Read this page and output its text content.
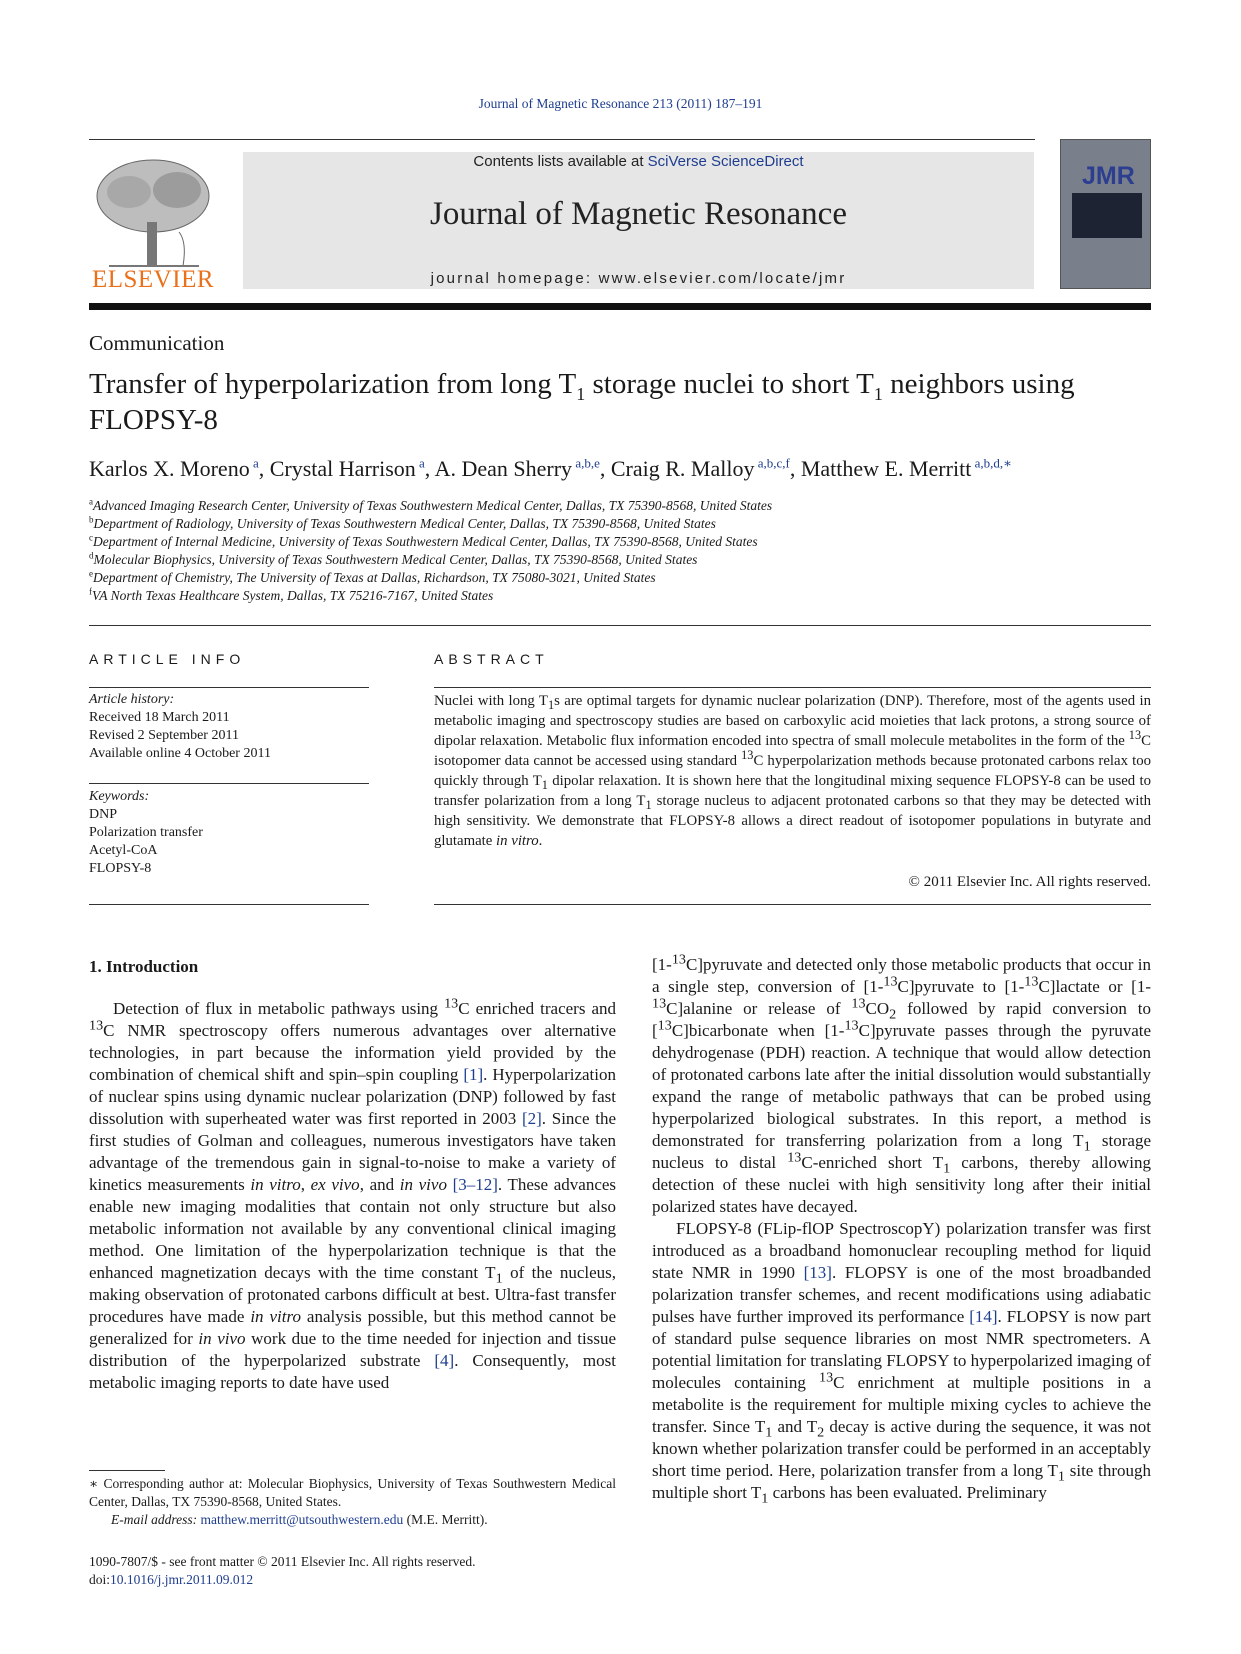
Journal of Magnetic Resonance 213 (2011) 187–191
ELSEVIER
Contents lists available at SciVerse ScienceDirect
Journal of Magnetic Resonance
journal homepage: www.elsevier.com/locate/jmr
JMR
Communication
Transfer of hyperpolarization from long $T_1$ storage nuclei to short $T_1$ neighbors using FLOPSY-8
Karlos X. Moreno $^a$, Crystal Harrison $^a$, A. Dean Sherry $^{a,b,e}$, Craig R. Malloy $^{a,b,c,f}$, Matthew E. Merritt $^{a,b,d,∗}$
$^a$Advanced Imaging Research Center, University of Texas Southwestern Medical Center, Dallas, TX 75390-8568, United States
$^b$Department of Radiology, University of Texas Southwestern Medical Center, Dallas, TX 75390-8568, United States
$^c$Department of Internal Medicine, University of Texas Southwestern Medical Center, Dallas, TX 75390-8568, United States
$^d$Molecular Biophysics, University of Texas Southwestern Medical Center, Dallas, TX 75390-8568, United States
$^e$Department of Chemistry, The University of Texas at Dallas, Richardson, TX 75080-3021, United States
$^f$VA North Texas Healthcare System, Dallas, TX 75216-7167, United States
ARTICLE INFO
Article history:
Received 18 March 2011
Revised 2 September 2011
Available online 4 October 2011
Keywords:
DNP
Polarization transfer
Acetyl-CoA
FLOPSY-8
ABSTRACT
Nuclei with long $T_1s$ are optimal targets for dynamic nuclear polarization (DNP). Therefore, most of the agents used in metabolic imaging and spectroscopy studies are based on carboxylic acid moieties that lack protons, a strong source of dipolar relaxation. Metabolic flux information encoded into spectra of small molecule metabolites in the form of the $^{13}$C isotopomer data cannot be accessed using standard $^{13}$C hyperpolarization methods because protonated carbons relax too quickly through $T_1$ dipolar relaxation. It is shown here that the longitudinal mixing sequence FLOPSY-8 can be used to transfer polarization from a long $T_1$ storage nucleus to adjacent protonated carbons so that they may be detected with high sensitivity. We demonstrate that FLOPSY-8 allows a direct readout of isotopomer populations in butyrate and glutamate in vitro.
© 2011 Elsevier Inc. All rights reserved.
1. Introduction

Detection of flux in metabolic pathways using $^{13}$C enriched tracers and $^{13}$C NMR spectroscopy offers numerous advantages over alternative technologies, in part because the information yield provided by the combination of chemical shift and spin–spin coupling [1]. Hyperpolarization of nuclear spins using dynamic nuclear polarization (DNP) followed by fast dissolution with superheated water was first reported in 2003 [2]. Since the first studies of Golman and colleagues, numerous investigators have taken advantage of the tremendous gain in signal-to-noise to make a variety of kinetics measurements in vitro, ex vivo, and in vivo [3–12]. These advances enable new imaging modalities that contain not only structure but also metabolic information not available by any conventional clinical imaging method. One limitation of the hyperpolarization technique is that the enhanced magnetization decays with the time constant $T_1$ of the nucleus, making observation of protonated carbons difficult at best. Ultra-fast transfer procedures have made in vitro analysis possible, but this method cannot be generalized for in vivo work due to the time needed for injection and tissue distribution of the hyperpolarized substrate [4]. Consequently, most metabolic imaging reports to date have used

[1-$^{13}$C]pyruvate and detected only those metabolic products that occur in a single step, conversion of [1-$^{13}$C]pyruvate to [1-$^{13}$C]lactate or [1-$^{13}$C]alanine or release of $^{13}CO_2$ followed by rapid conversion to [$^{13}$C]bicarbonate when [1-$^{13}$C]pyruvate passes through the pyruvate dehydrogenase (PDH) reaction. A technique that would allow detection of protonated carbons late after the initial dissolution would substantially expand the range of metabolic pathways that can be probed using hyperpolarized biological substrates. In this report, a method is demonstrated for transferring polarization from a long $T_1$ storage nucleus to distal $^{13}$C-enriched short $T_1$ carbons, thereby allowing detection of these nuclei with high sensitivity long after their initial polarized states have decayed.

FLOPSY-8 (FLip-flOP SpectroscopY) polarization transfer was first introduced as a broadband homonuclear recoupling method for liquid state NMR in 1990 [13]. FLOPSY is one of the most broadbanded polarization transfer schemes, and recent modifications using adiabatic pulses have further improved its performance [14]. FLOPSY is now part of standard pulse sequence libraries on most NMR spectrometers. A potential limitation for translating FLOPSY to hyperpolarized imaging of molecules containing $^{13}$C enrichment at multiple positions in a metabolite is the requirement for multiple mixing cycles to achieve the transfer. Since $T_1$ and $T_2$ decay is active during the sequence, it was not known whether polarization transfer could be performed in an acceptably short time period. Here, polarization transfer from a long $T_1$ site through multiple short $T_1$ carbons has been evaluated. Preliminary

∗ Corresponding author at: Molecular Biophysics, University of Texas Southwestern Medical Center, Dallas, TX 75390-8568, United States.
E-mail address: matthew.merritt@utsouthwestern.edu (M.E. Merritt).
1090-7807/$ - see front matter © 2011 Elsevier Inc. All rights reserved.
doi:10.1016/j.jmr.2011.09.012
